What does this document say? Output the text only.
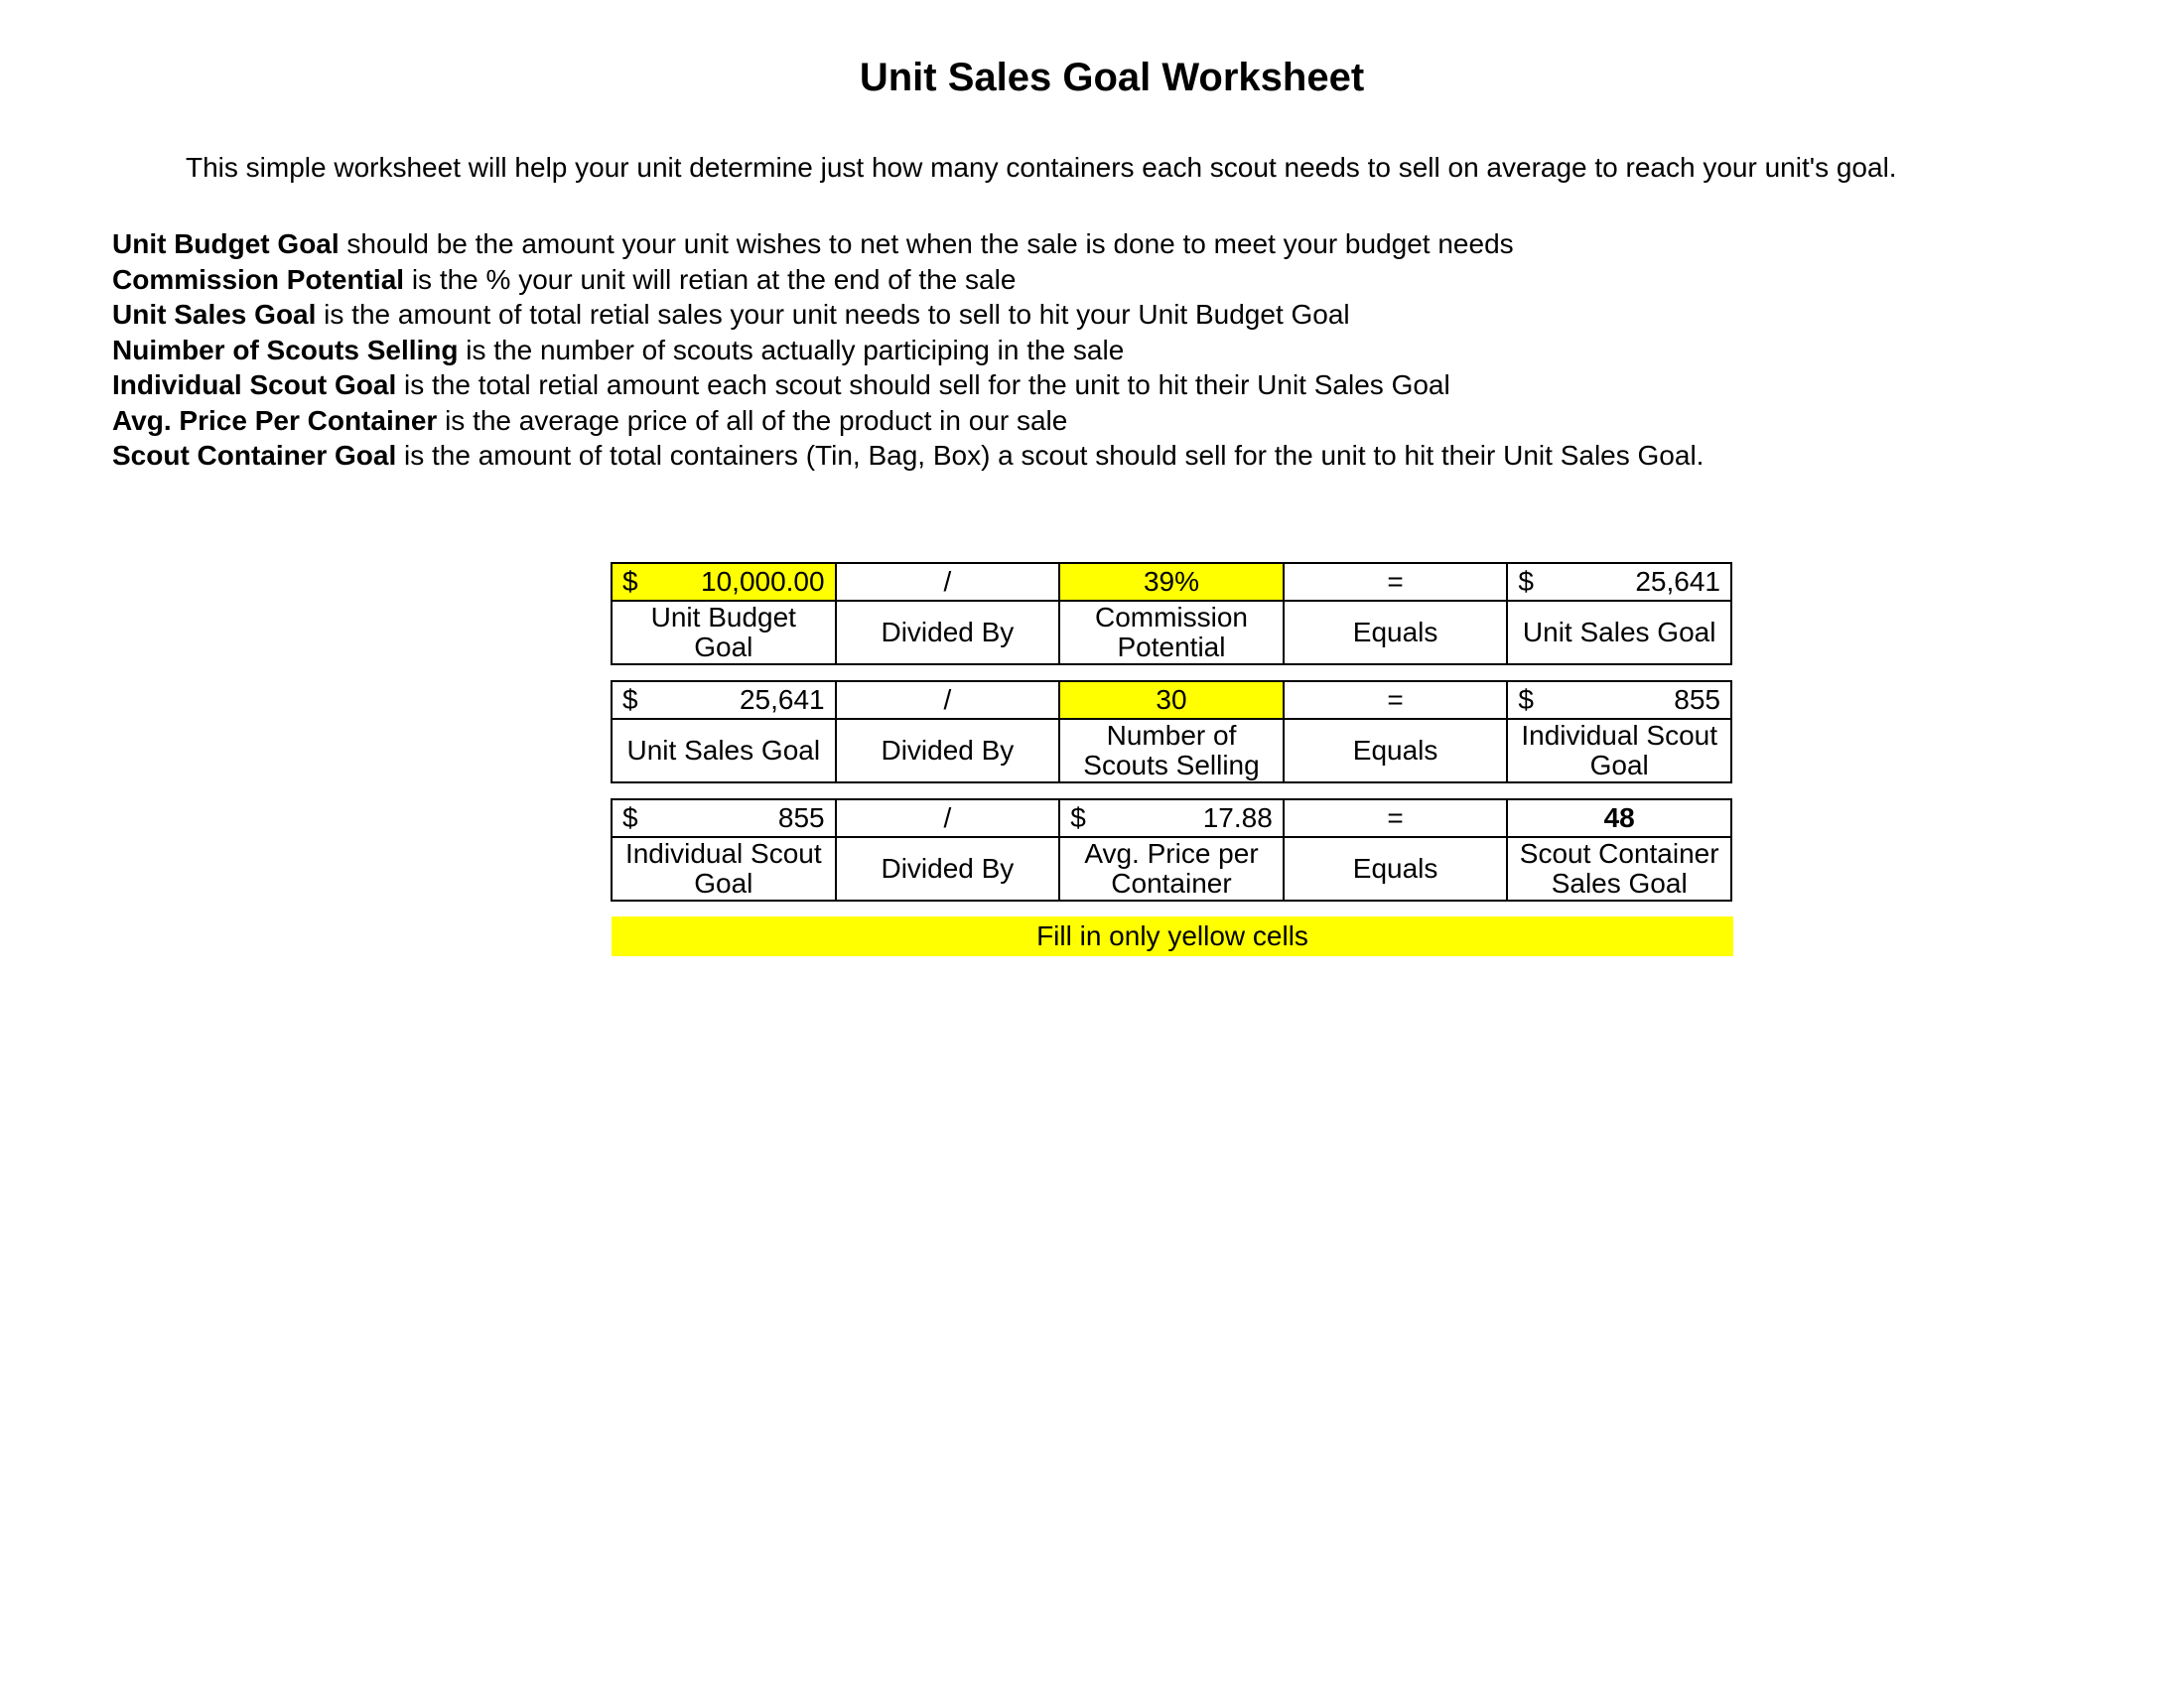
Unit Sales Goal Worksheet

This simple worksheet will help your unit determine just how many containers each scout needs to sell on average to reach your unit's goal.

Unit Budget Goal should be the amount your unit wishes to net when the sale is done to meet your budget needs
Commission Potential is the % your unit will retian at the end of the sale
Unit Sales Goal is the amount of total retial sales your unit needs to sell to hit your Unit Budget Goal
Nuimber of Scouts Selling is the number of scouts actually participing in the sale
Individual Scout Goal is the total retial amount each scout should sell for the unit to hit their Unit Sales Goal
Avg. Price Per Container is the average price of all of the product in our sale
Scout Container Goal is the amount of total containers (Tin, Bag, Box) a scout should sell for the unit to hit their Unit Sales Goal.
$ 10,000.00	/	39%	=	$ 25,641
Unit Budget Goal	Divided By	Commission Potential	Equals	Unit Sales Goal
$ 25,641	/	30	=	$ 855
Unit Sales Goal	Divided By	Number of Scouts Selling	Equals	Individual Scout Goal
$ 855	/	$ 17.88	=	48
Individual Scout Goal	Divided By	Avg. Price per Container	Equals	Scout Container Sales Goal
Fill in only yellow cells
